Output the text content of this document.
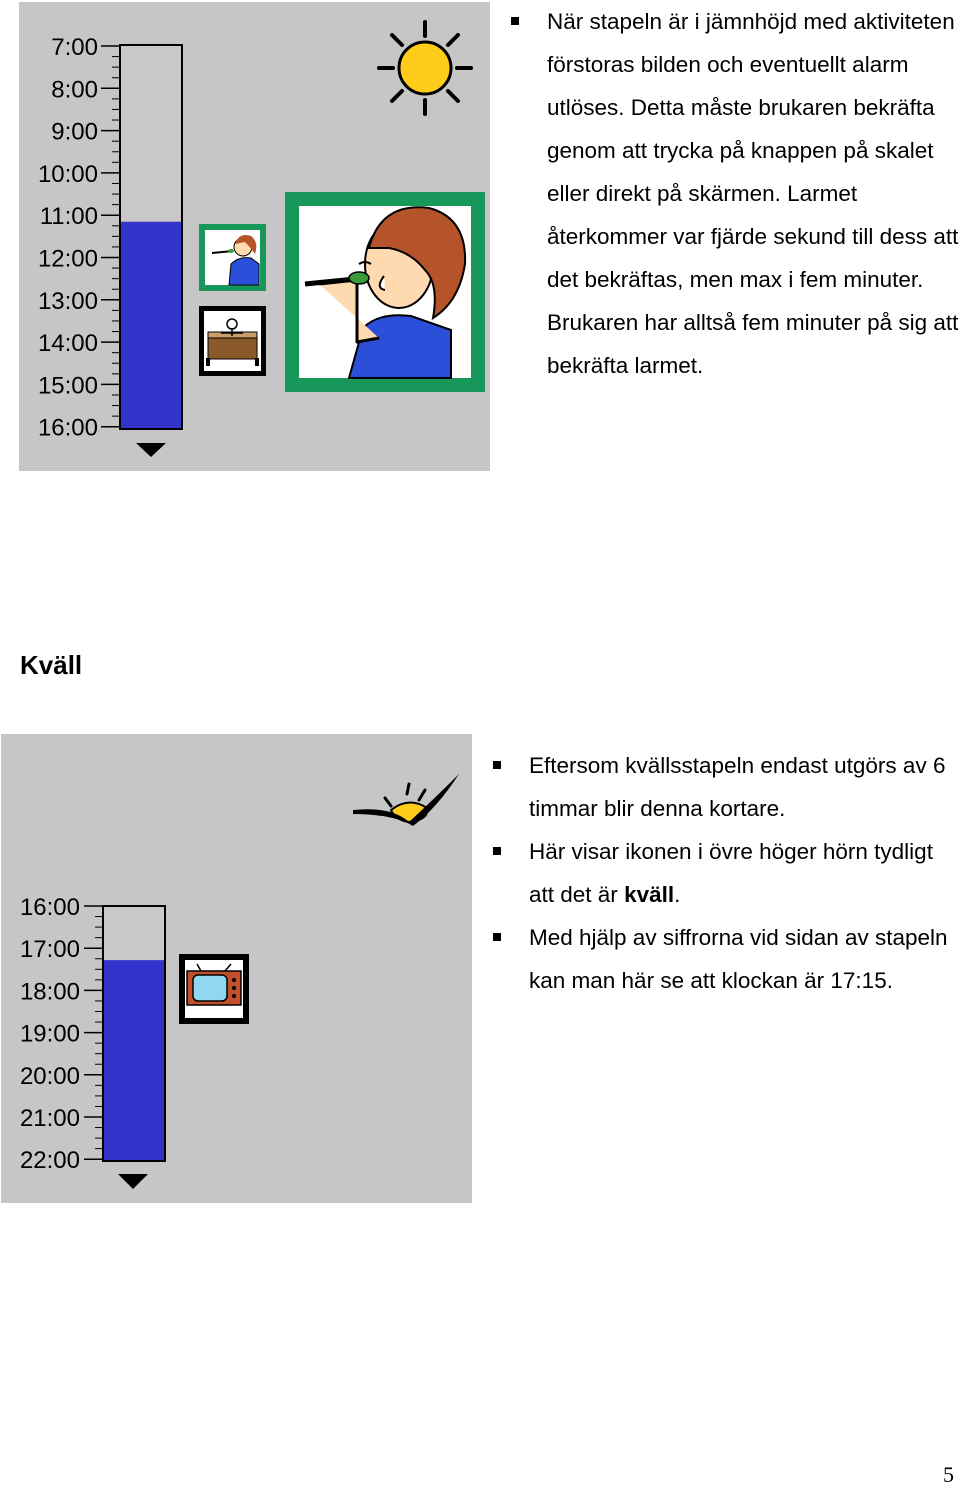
7:00
8:00
9:00
10:00
11:00
12:00
13:00
14:00
15:00
16:00
När stapeln är i jämnhöjd med aktiviteten förstoras bilden och eventuellt alarm utlöses. Detta måste brukaren bekräfta genom att trycka på knappen på skalet eller direkt på skärmen. Larmet återkommer var fjärde sekund till dess att det bekräftas, men max i fem minuter. Brukaren har alltså fem minuter på sig att bekräfta larmet.
Kväll
16:00
17:00
18:00
19:00
20:00
21:00
22:00
Eftersom kvällsstapeln endast utgörs av 6 timmar blir denna kortare.
Här visar ikonen i övre höger hörn tydligt att det är kväll.
Med hjälp av siffrorna vid sidan av stapeln kan man här se att klockan är 17:15.
5
